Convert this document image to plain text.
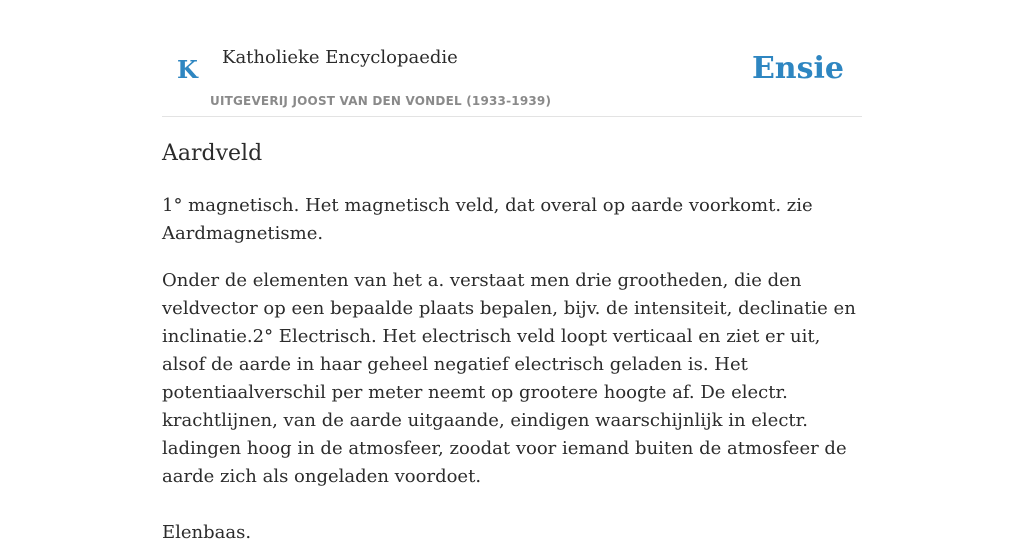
K Katholieke Encyclopaedie
UITGEVERIJ JOOST VAN DEN VONDEL (1933-1939)
Ensie
Aardveld

1° magnetisch. Het magnetisch veld, dat overal op aarde voorkomt. zie Aardmagnetisme.

Onder de elementen van het a. verstaat men drie grootheden, die den veldvector op een bepaalde plaats bepalen, bijv. de intensiteit, declinatie en inclinatie.2° Electrisch. Het electrisch veld loopt verticaal en ziet er uit, alsof de aarde in haar geheel negatief electrisch geladen is. Het potentiaalverschil per meter neemt op grootere hoogte af. De electr. krachtlijnen, van de aarde uitgaande, eindigen waarschijnlijk in electr. ladingen hoog in de atmosfeer, zoodat voor iemand buiten de atmosfeer de aarde zich als ongeladen voordoet.

Elenbaas.
